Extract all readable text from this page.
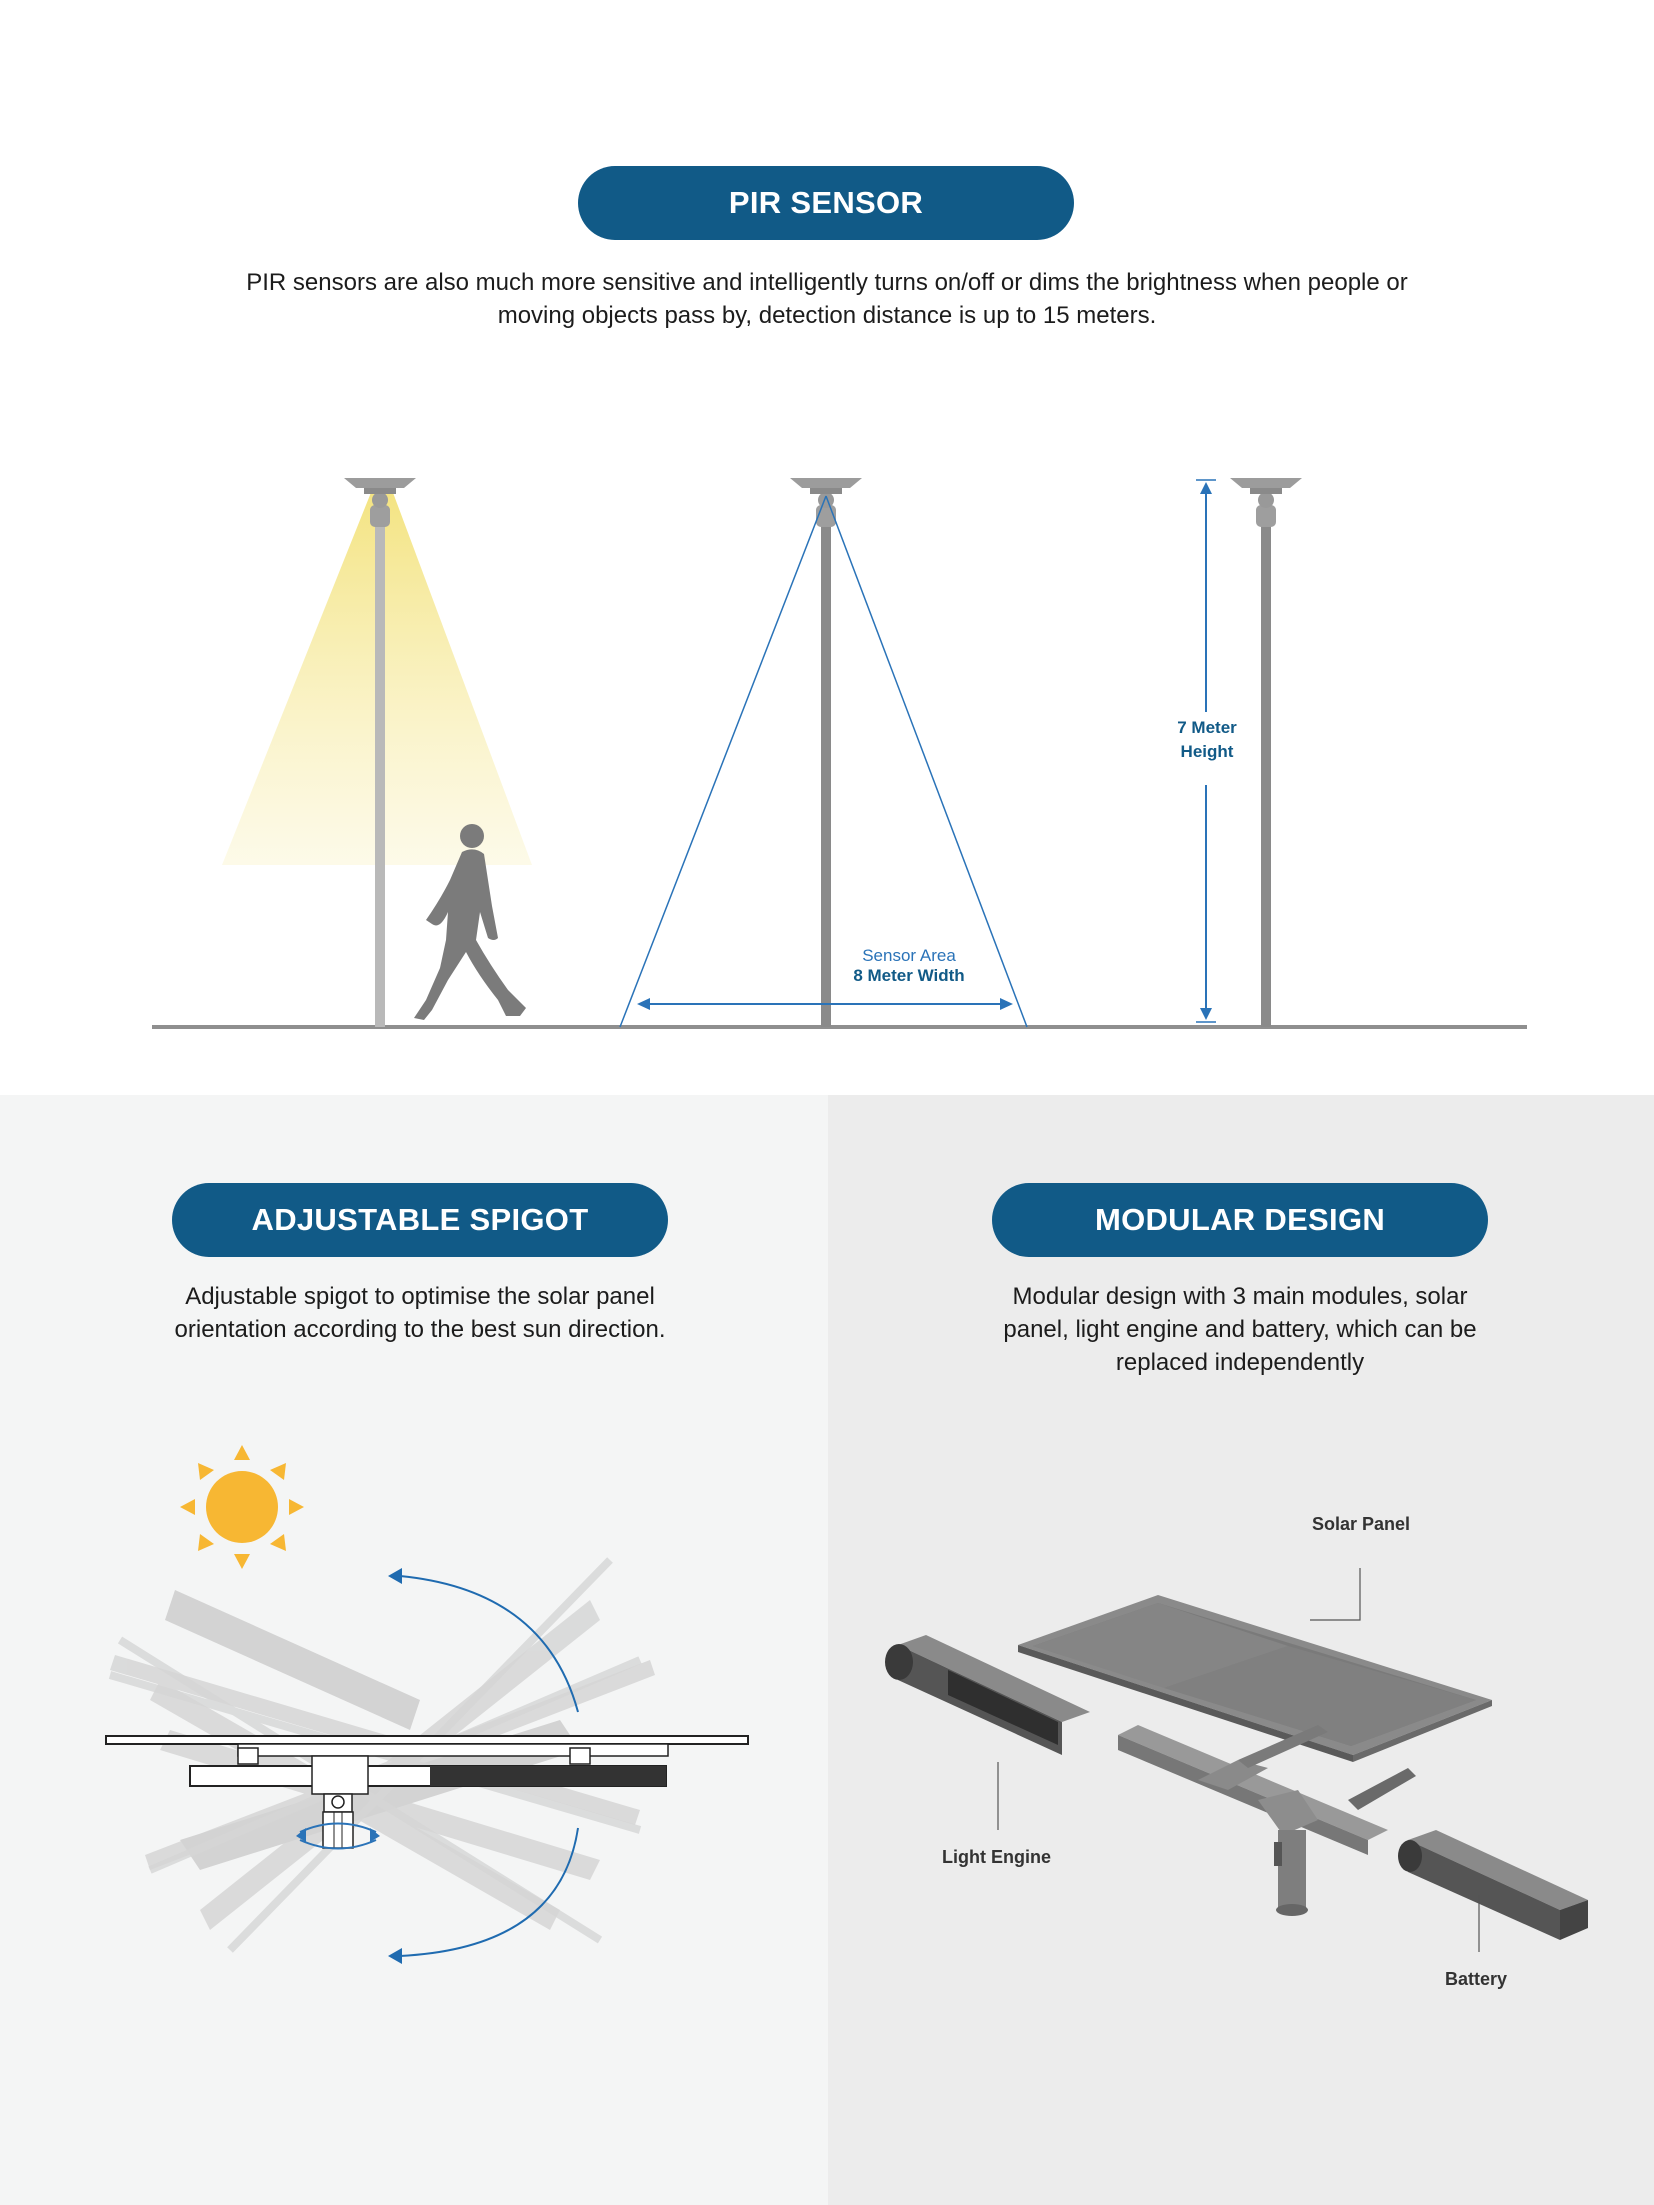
PIR SENSOR
PIR sensors are also much more sensitive and intelligently turns on/off or dims the brightness when people or moving objects pass by, detection distance is up to 15 meters.
Sensor Area
8 Meter Width
7 Meter
Height
ADJUSTABLE SPIGOT
Adjustable spigot to optimise the solar panel orientation according to the best sun direction.
MODULAR DESIGN
Modular design with 3 main modules, solar panel, light engine and battery, which can be replaced independently
Solar Panel
Light Engine
Battery
